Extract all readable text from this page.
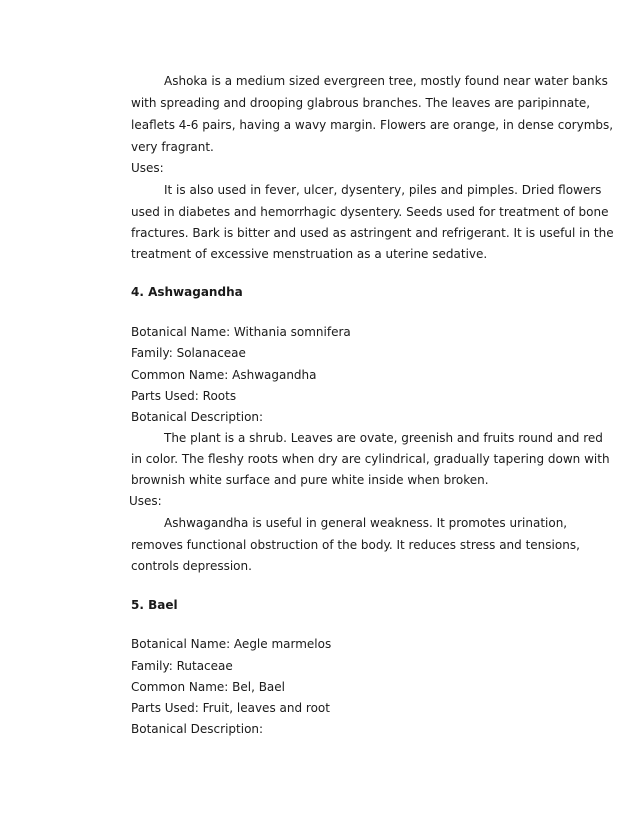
Ashoka is a medium sized evergreen tree, mostly found near water banks
with spreading and drooping glabrous branches. The leaves are paripinnate,
leaflets 4-6 pairs, having a wavy margin. Flowers are orange, in dense corymbs,
very fragrant.
Uses:
It is also used in fever, ulcer, dysentery, piles and pimples. Dried flowers
used in diabetes and hemorrhagic dysentery. Seeds used for treatment of bone
fractures. Bark is bitter and used as astringent and refrigerant. It is useful in the
treatment of excessive menstruation as a uterine sedative.
4. Ashwagandha
Botanical Name: Withania somnifera
Family: Solanaceae
Common Name: Ashwagandha
Parts Used: Roots
Botanical Description:
The plant is a shrub. Leaves are ovate, greenish and fruits round and red
in color. The fleshy roots when dry are cylindrical, gradually tapering down with
brownish white surface and pure white inside when broken.
Uses:
Ashwagandha is useful in general weakness. It promotes urination,
removes functional obstruction of the body. It reduces stress and tensions,
controls depression.
5. Bael
Botanical Name: Aegle marmelos
Family: Rutaceae
Common Name: Bel, Bael
Parts Used: Fruit, leaves and root
Botanical Description:
